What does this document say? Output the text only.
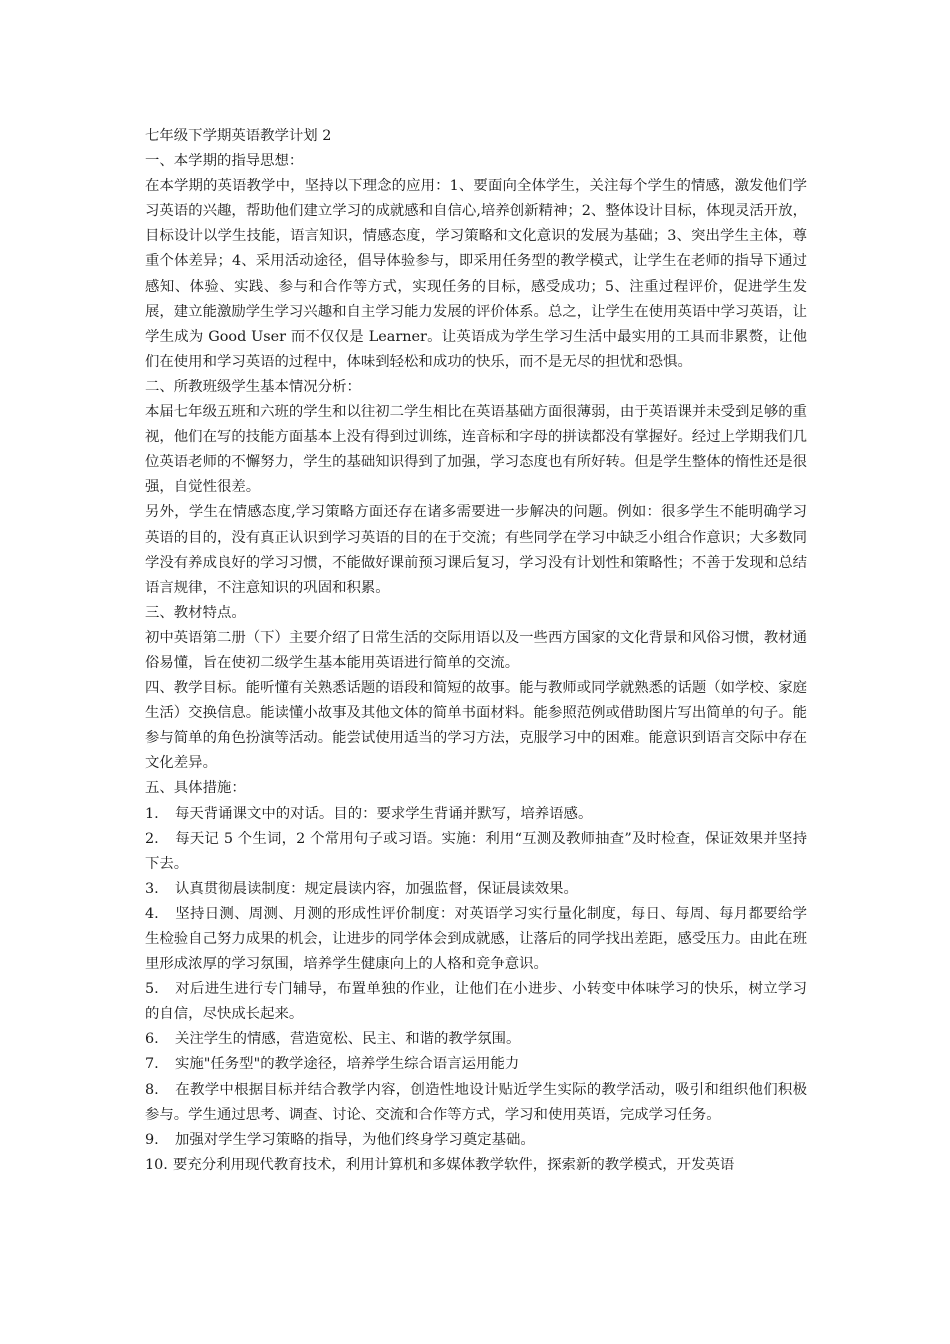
七年级下学期英语教学计划 2

一、本学期的指导思想：

在本学期的英语教学中，坚持以下理念的应用：1、要面向全体学生，关注每个学生的情感，激发他们学习英语的兴趣，帮助他们建立学习的成就感和自信心,培养创新精神；2、整体设计目标，体现灵活开放，目标设计以学生技能，语言知识，情感态度，学习策略和文化意识的发展为基础；3、突出学生主体，尊重个体差异；4、采用活动途径，倡导体验参与，即采用任务型的教学模式，让学生在老师的指导下通过感知、体验、实践、参与和合作等方式，实现任务的目标，感受成功；5、注重过程评价，促进学生发展，建立能激励学生学习兴趣和自主学习能力发展的评价体系。总之，让学生在使用英语中学习英语，让学生成为 Good User 而不仅仅是 Learner。让英语成为学生学习生活中最实用的工具而非累赘，让他们在使用和学习英语的过程中，体味到轻松和成功的快乐，而不是无尽的担忧和恐惧。

二、所教班级学生基本情况分析：

本届七年级五班和六班的学生和以往初二学生相比在英语基础方面很薄弱，由于英语课并未受到足够的重视，他们在写的技能方面基本上没有得到过训练，连音标和字母的拼读都没有掌握好。经过上学期我们几位英语老师的不懈努力，学生的基础知识得到了加强，学习态度也有所好转。但是学生整体的惰性还是很强，自觉性很差。

另外，学生在情感态度,学习策略方面还存在诸多需要进一步解决的问题。例如：很多学生不能明确学习英语的目的，没有真正认识到学习英语的目的在于交流；有些同学在学习中缺乏小组合作意识；大多数同学没有养成良好的学习习惯，不能做好课前预习课后复习，学习没有计划性和策略性；不善于发现和总结语言规律，不注意知识的巩固和积累。

三、教材特点。

初中英语第二册（下）主要介绍了日常生活的交际用语以及一些西方国家的文化背景和风俗习惯，教材通俗易懂，旨在使初二级学生基本能用英语进行简单的交流。

四、教学目标。能听懂有关熟悉话题的语段和简短的故事。能与教师或同学就熟悉的话题（如学校、家庭生活）交换信息。能读懂小故事及其他文体的简单书面材料。能参照范例或借助图片写出简单的句子。能参与简单的角色扮演等活动。能尝试使用适当的学习方法，克服学习中的困难。能意识到语言交际中存在文化差异。

五、具体措施：

1. 每天背诵课文中的对话。目的：要求学生背诵并默写，培养语感。

2. 每天记 5 个生词，2 个常用句子或习语。实施：利用“互测及教师抽查”及时检查，保证效果并坚持下去。

3. 认真贯彻晨读制度：规定晨读内容，加强监督，保证晨读效果。

4. 坚持日测、周测、月测的形成性评价制度：对英语学习实行量化制度，每日、每周、每月都要给学生检验自己努力成果的机会，让进步的同学体会到成就感，让落后的同学找出差距，感受压力。由此在班里形成浓厚的学习氛围，培养学生健康向上的人格和竞争意识。

5. 对后进生进行专门辅导，布置单独的作业，让他们在小进步、小转变中体味学习的快乐，树立学习的自信，尽快成长起来。

6. 关注学生的情感，营造宽松、民主、和谐的教学氛围。

7. 实施"任务型"的教学途径，培养学生综合语言运用能力

8. 在教学中根据目标并结合教学内容，创造性地设计贴近学生实际的教学活动，吸引和组织他们积极参与。学生通过思考、调查、讨论、交流和合作等方式，学习和使用英语，完成学习任务。

9. 加强对学生学习策略的指导，为他们终身学习奠定基础。

10. 要充分利用现代教育技术，利用计算机和多媒体教学软件，探索新的教学模式，开发英语
